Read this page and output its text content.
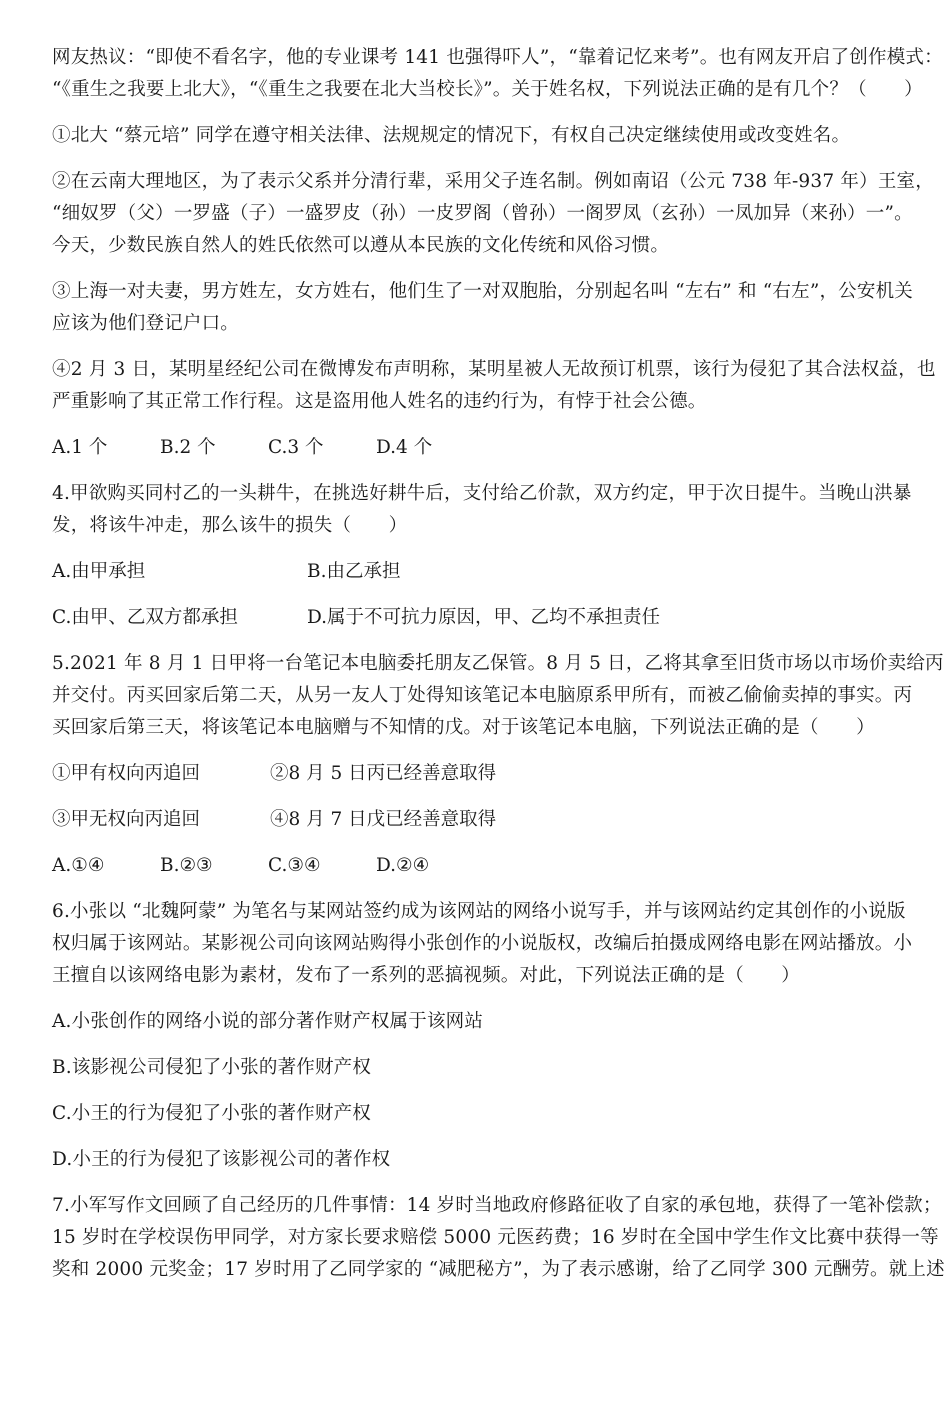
网友热议：“即使不看名字，他的专业课考 141 也强得吓人”，“靠着记忆来考”。也有网友开启了创作模式：
“《重生之我要上北大》，“《重生之我要在北大当校长》”。关于姓名权，下列说法正确的是有几个？（　　）
①北大 “蔡元培” 同学在遵守相关法律、法规规定的情况下，有权自己决定继续使用或改变姓名。
②在云南大理地区，为了表示父系并分清行辈，采用父子连名制。例如南诏（公元 738 年-937 年）王室，
“细奴罗（父）一罗盛（子）一盛罗皮（孙）一皮罗阁（曾孙）一阁罗凤（玄孙）一凤加异（来孙）一”。
今天，少数民族自然人的姓氏依然可以遵从本民族的文化传统和风俗习惯。
③上海一对夫妻，男方姓左，女方姓右，他们生了一对双胞胎，分别起名叫 “左右” 和 “右左”，公安机关
应该为他们登记户口。
④2 月 3 日，某明星经纪公司在微博发布声明称，某明星被人无故预订机票，该行为侵犯了其合法权益，也
严重影响了其正常工作行程。这是盗用他人姓名的违约行为，有悖于社会公德。
A.1 个	B.2 个	C.3 个	D.4 个
4.甲欲购买同村乙的一头耕牛，在挑选好耕牛后，支付给乙价款，双方约定，甲于次日提牛。当晚山洪暴
发，将该牛冲走，那么该牛的损失（　　）
A.由甲承担	B.由乙承担
C.由甲、乙双方都承担	D.属于不可抗力原因，甲、乙均不承担责任
5.2021 年 8 月 1 日甲将一台笔记本电脑委托朋友乙保管。8 月 5 日，乙将其拿至旧货市场以市场价卖给丙
并交付。丙买回家后第二天，从另一友人丁处得知该笔记本电脑原系甲所有，而被乙偷偷卖掉的事实。丙
买回家后第三天，将该笔记本电脑赠与不知情的戊。对于该笔记本电脑，下列说法正确的是（　　）
①甲有权向丙追回	②8 月 5 日丙已经善意取得
③甲无权向丙追回	④8 月 7 日戊已经善意取得
A.①④	B.②③	C.③④	D.②④
6.小张以 “北魏阿蒙” 为笔名与某网站签约成为该网站的网络小说写手，并与该网站约定其创作的小说版
权归属于该网站。某影视公司向该网站购得小张创作的小说版权，改编后拍摄成网络电影在网站播放。小
王擅自以该网络电影为素材，发布了一系列的恶搞视频。对此，下列说法正确的是（　　）
A.小张创作的网络小说的部分著作财产权属于该网站
B.该影视公司侵犯了小张的著作财产权
C.小王的行为侵犯了小张的著作财产权
D.小王的行为侵犯了该影视公司的著作权
7.小军写作文回顾了自己经历的几件事情：14 岁时当地政府修路征收了自家的承包地，获得了一笔补偿款；
15 岁时在学校误伤甲同学，对方家长要求赔偿 5000 元医药费；16 岁时在全国中学生作文比赛中获得一等
奖和 2000 元奖金；17 岁时用了乙同学家的 “减肥秘方”，为了表示感谢，给了乙同学 300 元酬劳。就上述
